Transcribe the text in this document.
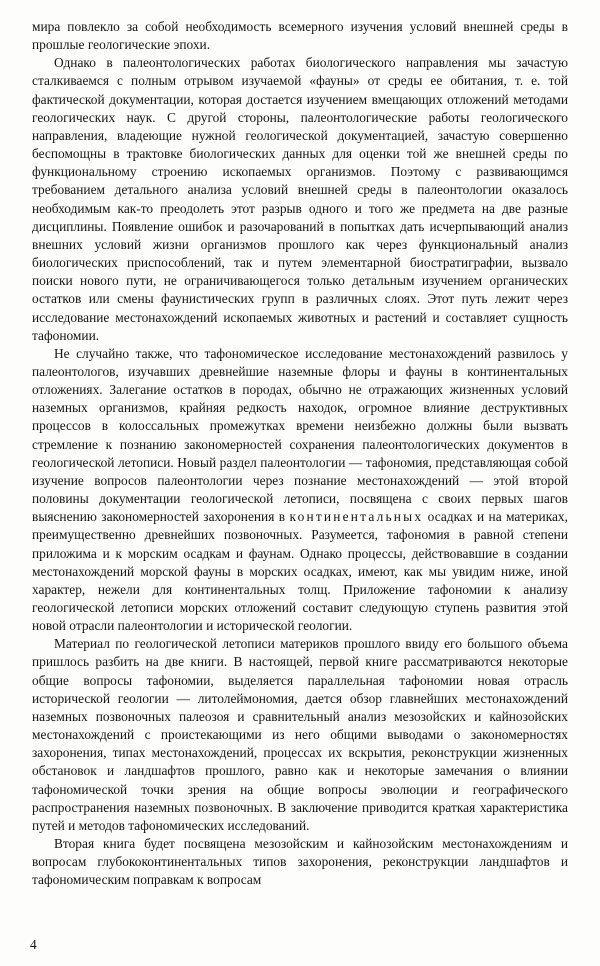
мира повлекло за собой необходимость всемерного изучения условий внешней среды в прошлые геологические эпохи.

Однако в палеонтологических работах биологического направления мы зачастую сталкиваемся с полным отрывом изучаемой «фауны» от среды ее обитания, т. е. той фактической документации, которая достается изучением вмещающих отложений методами геологических наук. С другой стороны, палеонтологические работы геологического направления, владеющие нужной геологической документацией, зачастую совершенно беспомощны в трактовке биологических данных для оценки той же внешней среды по функциональному строению ископаемых организмов. Поэтому с развивающимся требованием детального анализа условий внешней среды в палеонтологии оказалось необходимым как-то преодолеть этот разрыв одного и того же предмета на две разные дисциплины. Появление ошибок и разочарований в попытках дать исчерпывающий анализ внешних условий жизни организмов прошлого как через функциональный анализ биологических приспособлений, так и путем элементарной биостратиграфии, вызвало поиски нового пути, не ограничивающегося только детальным изучением органических остатков или смены фаунистических групп в различных слоях. Этот путь лежит через исследование местонахождений ископаемых животных и растений и составляет сущность тафономии.

Не случайно также, что тафономическое исследование местонахождений развилось у палеонтологов, изучавших древнейшие наземные флоры и фауны в континентальных отложениях. Залегание остатков в породах, обычно не отражающих жизненных условий наземных организмов, крайняя редкость находок, огромное влияние деструктивных процессов в колоссальных промежутках времени неизбежно должны были вызвать стремление к познанию закономерностей сохранения палеонтологических документов в геологической летописи. Новый раздел палеонтологии — тафономия, представляющая собой изучение вопросов палеонтологии через познание местонахождений — этой второй половины документации геологической летописи, посвящена с своих первых шагов выяснению закономерностей захоронения в континентальных осадках и на материках, преимущественно древнейших позвоночных. Разумеется, тафономия в равной степени приложима и к морским осадкам и фаунам. Однако процессы, действовавшие в создании местонахождений морской фауны в морских осадках, имеют, как мы увидим ниже, иной характер, нежели для континентальных толщ. Приложение тафономии к анализу геологической летописи морских отложений составит следующую ступень развития этой новой отрасли палеонтологии и исторической геологии.

Материал по геологической летописи материков прошлого ввиду его большого объема пришлось разбить на две книги. В настоящей, первой книге рассматриваются некоторые общие вопросы тафономии, выделяется параллельная тафономии новая отрасль исторической геологии — литолеймономия, дается обзор главнейших местонахождений наземных позвоночных палеозоя и сравнительный анализ мезозойских и кайнозойских местонахождений с проистекающими из него общими выводами о закономерностях захоронения, типах местонахождений, процессах их вскрытия, реконструкции жизненных обстановок и ландшафтов прошлого, равно как и некоторые замечания о влиянии тафономической точки зрения на общие вопросы эволюции и географического распространения наземных позвоночных. В заключение приводится краткая характеристика путей и методов тафономических исследований.

Вторая книга будет посвящена мезозойским и кайнозойским местонахождениям и вопросам глубококонтинентальных типов захоронения, реконструкции ландшафтов и тафономическим поправкам к вопросам

4
